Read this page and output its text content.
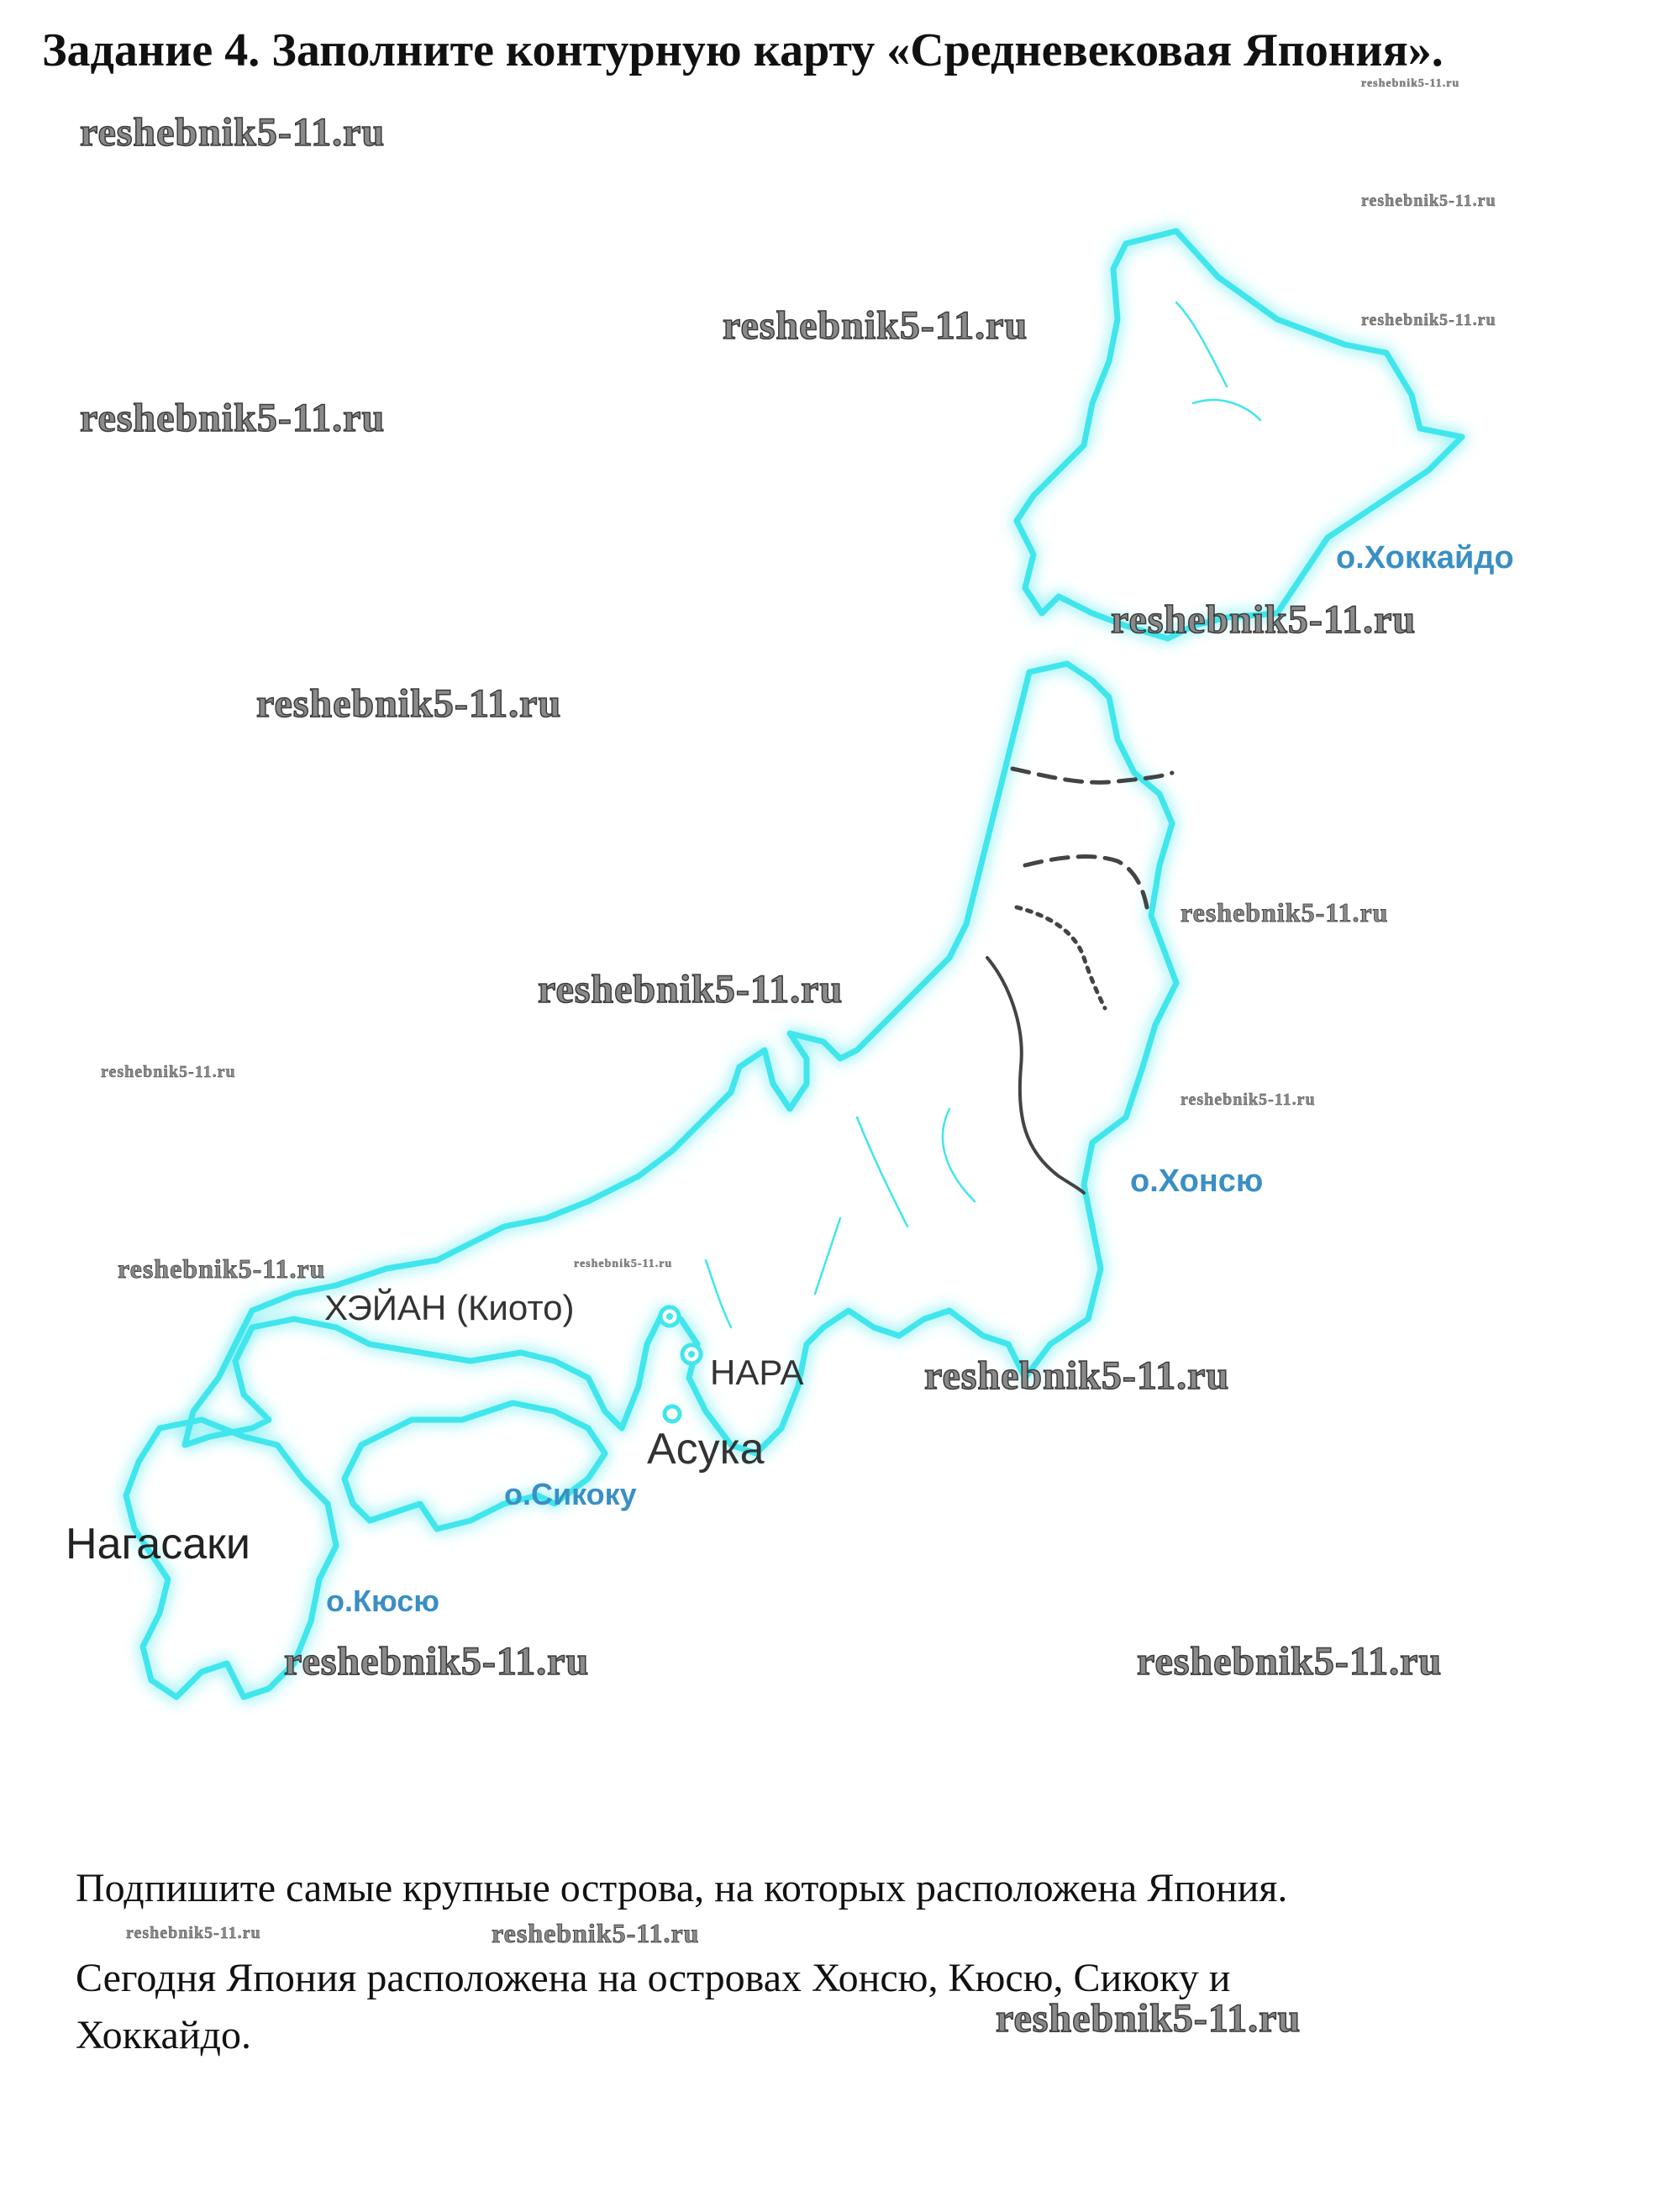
Задание 4. Заполните контурную карту «Средневековая Япония».
о.Хоккайдо
о.Хонсю
о.Сикоку
о.Кюсю
ХЭЙАН (Киото)
НАРА
Асука
Нагасаки

Подпишите самые крупные острова, на которых расположена Япония.

Сегодня Япония расположена на островах Хонсю, Кюсю, Сикоку и

Хоккайдо.

reshebnik5-11.ru
reshebnik5-11.ru
reshebnik5-11.ru
reshebnik5-11.ru
reshebnik5-11.ru
reshebnik5-11.ru
reshebnik5-11.ru
reshebnik5-11.ru	reshebnik5-11.ru
reshebnik5-11.ru
reshebnik5-11.ru
reshebnik5-11.ru
reshebnik5-11.ru
reshebnik5-11.ru
reshebnik5-11.ru
reshebnik5-11.ru
reshebnik5-11.ru
reshebnik5-11.ru
reshebnik5-11.ru
reshebnik5-11.ru
